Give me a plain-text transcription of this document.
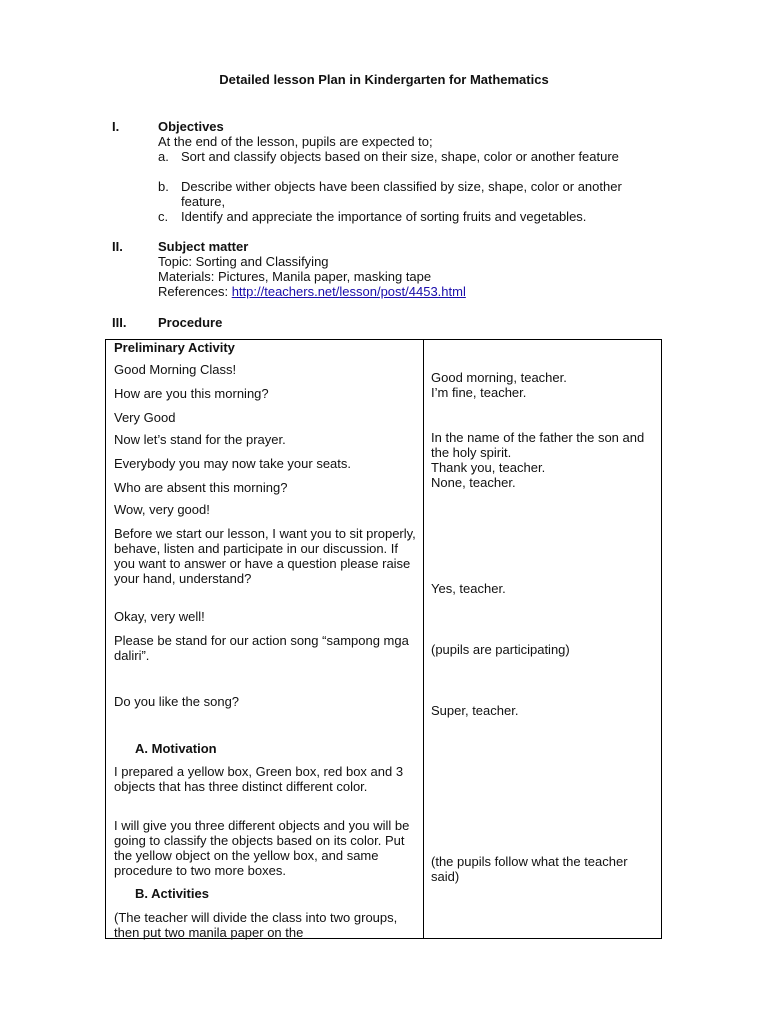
Detailed lesson Plan in Kindergarten for Mathematics
I.	Objectives
At the end of the lesson, pupils are expected to;
a. Sort and classify objects based on their size, shape, color or another feature
b. Describe wither objects have been classified by size, shape, color or another feature,
c. Identify and appreciate the importance of sorting fruits and vegetables.
II.	Subject matter
Topic: Sorting and Classifying
Materials: Pictures, Manila paper, masking tape
References: http://teachers.net/lesson/post/4453.html
III. Procedure
Preliminary Activity
Good Morning Class!
How are you this morning?
Very Good
Now let’s stand for the prayer.
Everybody you may now take your seats.
Who are absent this morning?
Wow, very good!
Before we start our lesson, I want you to sit properly, behave, listen and participate in our discussion. If you want to answer or have a question please raise your hand, understand?
Okay, very well!
Please be stand for our action song “sampong mga daliri”.
Do you like the song?
A. Motivation
I prepared a yellow box, Green box, red box and 3 objects that has three distinct different color.
I will give you three different objects and you will be going to classify the objects based on its color. Put the yellow object on the yellow box, and same procedure to two more boxes.
B. Activities
(The teacher will divide the class into two groups, then put two manila paper on the
Good morning, teacher.
I’m fine, teacher.
In the name of the father the son and the holy spirit.
Thank you, teacher.
None, teacher.
Yes, teacher.
(pupils are participating)
Super, teacher.
(the pupils follow what the teacher said)
